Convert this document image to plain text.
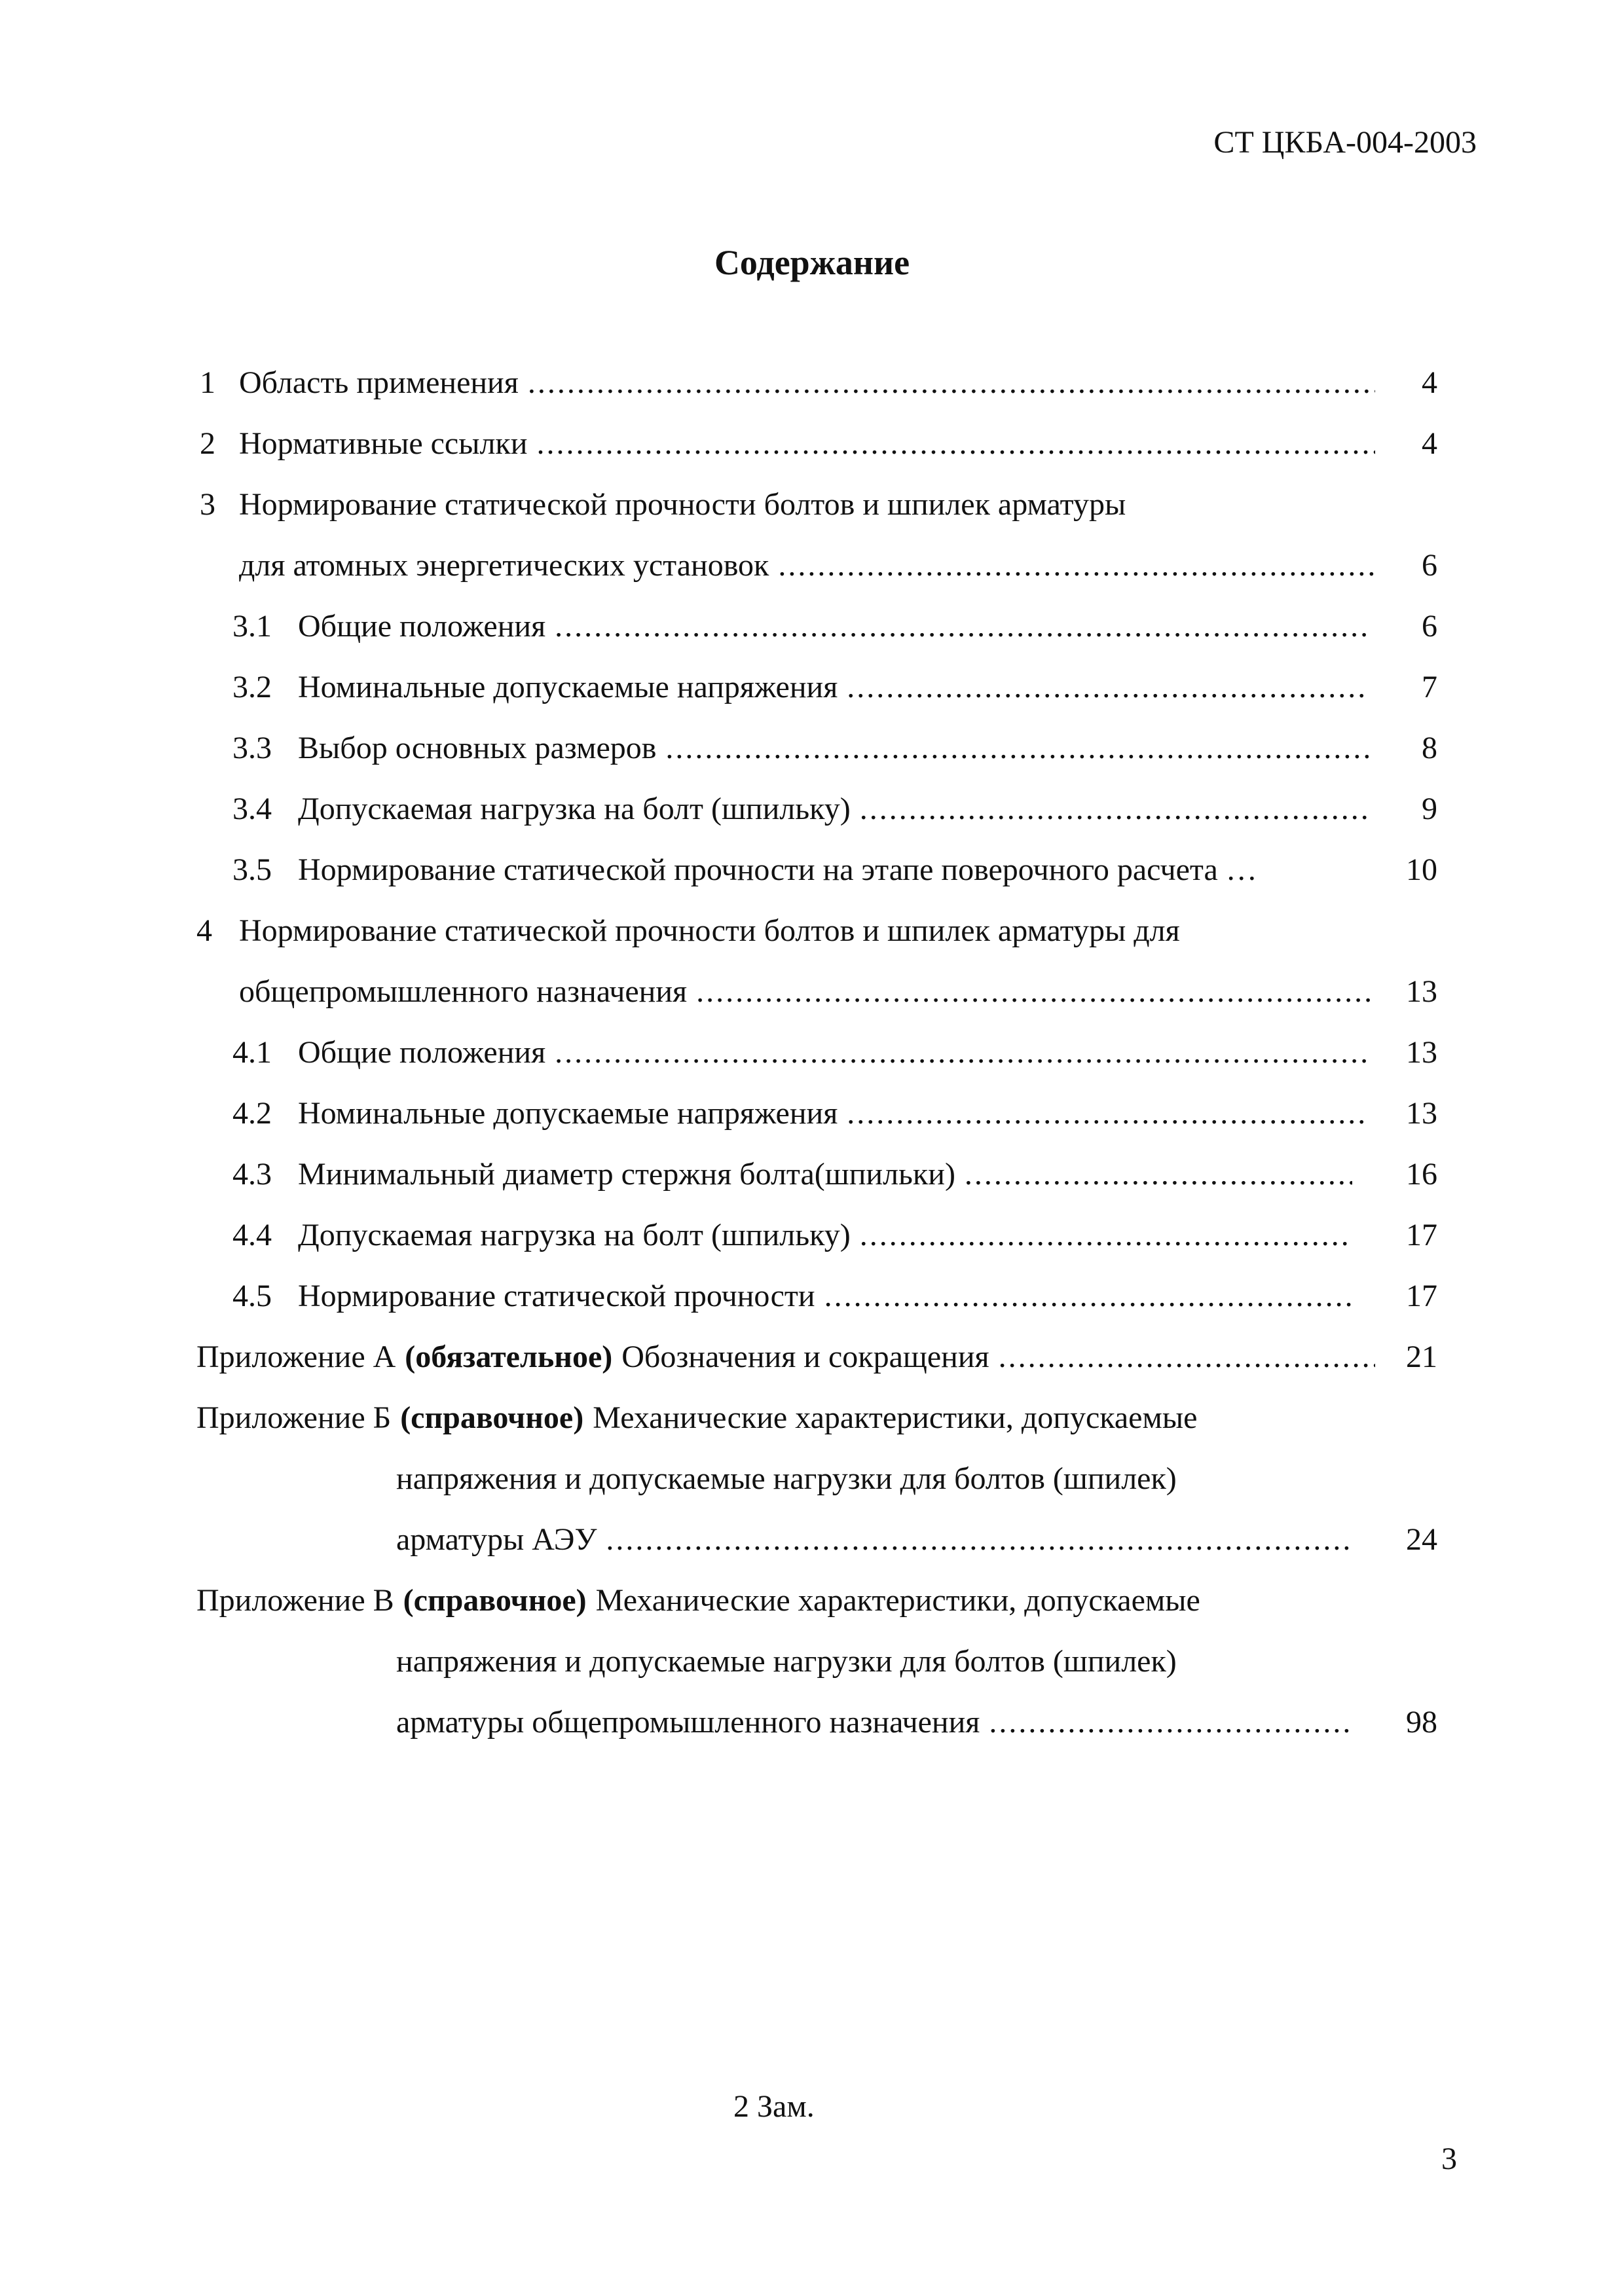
СТ ЦКБА-004-2003
Содержание
1 Область применения .....	4
2 Нормативные ссылки .....	4
3 Нормирование статической прочности болтов и шпилек арматуры
для атомных энергетических установок .....	6
3.1 Общие положения .....	6
3.2 Номинальные допускаемые напряжения .....	7
3.3 Выбор основных размеров .....	8
3.4 Допускаемая нагрузка на болт (шпильку) .....	9
3.5 Нормирование статической прочности на этапе поверочного расчета …	10
4 Нормирование статической прочности болтов и шпилек арматуры для
общепромышленного назначения .....	13
4.1 Общие положения .....	13
4.2 Номинальные допускаемые напряжения .....	13
4.3 Минимальный диаметр стержня болта(шпильки) .....	16
4.4 Допускаемая нагрузка на болт (шпильку) .....	17
4.5 Нормирование статической прочности .....	17
Приложение А (обязательное) Обозначения и сокращения .....	21
Приложение Б (справочное) Механические характеристики, допускаемые
напряжения и допускаемые нагрузки для болтов (шпилек)
арматуры АЭУ .....	24
Приложение В (справочное) Механические характеристики, допускаемые
напряжения и допускаемые нагрузки для болтов (шпилек)
арматуры общепромышленного назначения .....	98
2 Зам.
3
